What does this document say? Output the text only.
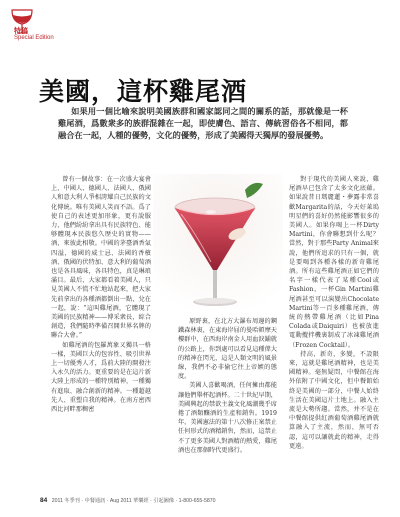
特稿
Special Edition
美國，這杯雞尾酒
如果用一個比喻來說明美國族群和國家認同之間的關系的話，那就像是一杯雞尾酒，爲數衆多的族群混雜在一起，即使膚色、語言、傳統習俗各不相同，都融合在一起，人種的優勢，文化的優勢，形成了美國得天獨厚的發展優勢。

曾有一個故事：在一次盛大宴會上，中國人、德國人、法國人、俄國人和意大利人爭相誇耀自己民族的文化傳統。唯有美國人笑而不語。爲了使自己的表述更加形象，更有說服力，他們紛紛拿出具有民族特色、能够體現本民族悠久歷史的實物——酒，來彼此相敬。中國的茅臺酒香氣四溢，德國的威士忌、法國的香檳酒、俄國的伏特加、意大利的葡萄酒也是各具風味，各具特色，真是琳琅滿目。最后，大家都看着美國人，只見美國人不慌不忙地站起來，把大家先前拿出的各種酒都倒出一點，兌在一起，說：“這叫雞尾酒，它體現了美國的民族精神——博采衆長，綜合創造，我們隨時準備召開世界名牌的聯合大會。”

如雞尾酒的包羅萬象又獨具一格一樣，美國巨大的包容性、吸引世界上一切優秀人才，爲前大陸的開發注入永久的活力。更重要的是在這片新大陸上形成的一種特別精神，一種獨有進取、融合創新的精神。一種超越先人、重塑自我的精神。在南方密西西比河畔那稠密

原野裏，在北方大瀑布周邊的鋼鐵森林裏，在東海岸屈的曼哈頓摩天樓群中，在西海岸南金人用血淚鋪就的公路上，你到處可以看見這種偉大的精神在閃光，這是人類文明的風景線，我們不必非偷它往上帝嫉的態度。

美國人喜歡喝酒，任何擁由都能讓他們舉杯起酒杯。二十世紀早期，美國興起的禁欲主義文化風潮幾乎席捲了酒類釀酒的生產和銷售。1919年，美國憲法的第十八次修正案禁止任何形式的酒精銷售，然而，這禁止不了更多美國人對酒精的熱愛，雞尾酒也在那個時代更盛行。

對于現代的美國人來說，雞尾酒早已包含了太多文化底蘊。如果說昔日瑪麗蓮・夢露非常喜歡Margarita的話，今天好萊塢明星們的喜好仍然能影響很多的美國人。如果你喝上一杯Dirty Martini，你會聯想到什么呢？當然，對于那些Party Animal來說，他們所追求的只有一個，就是要喝到各種各樣的新奇雞尾酒。所有這些雞尾酒正如它們的名字一樣代表了某種Cool或Fashion，一杯Gin Martini雞尾酒甚至可以演變出Chocolate Martini等一百多種雞尾酒，傳統的熱帶雞尾酒（比如Pina Colada或Daiquiri）也被放進電動攪拌機裏制成了冰凍雞尾酒（Frozen Cocktail）。

持高，新奇，多變，不設限來，這就是雞尾酒精神，也是美國精神。毫無疑問，中餐館在海外依附了中國文化，但中餐館始終是美國的一部分，中餐人始終生活在美國這片土地上。融入主流是大勢所趨。當然，并不是在中餐館提供紅酒葡萄酒雞尾酒就算融入了主流，然而，無可否認，這可以讓就此的精神，走得更遠。

84 2011 冬季刊 · 中餐通訊 · Aug 2011 華樂經 · 引起圖像 · 1-800-655-5870
